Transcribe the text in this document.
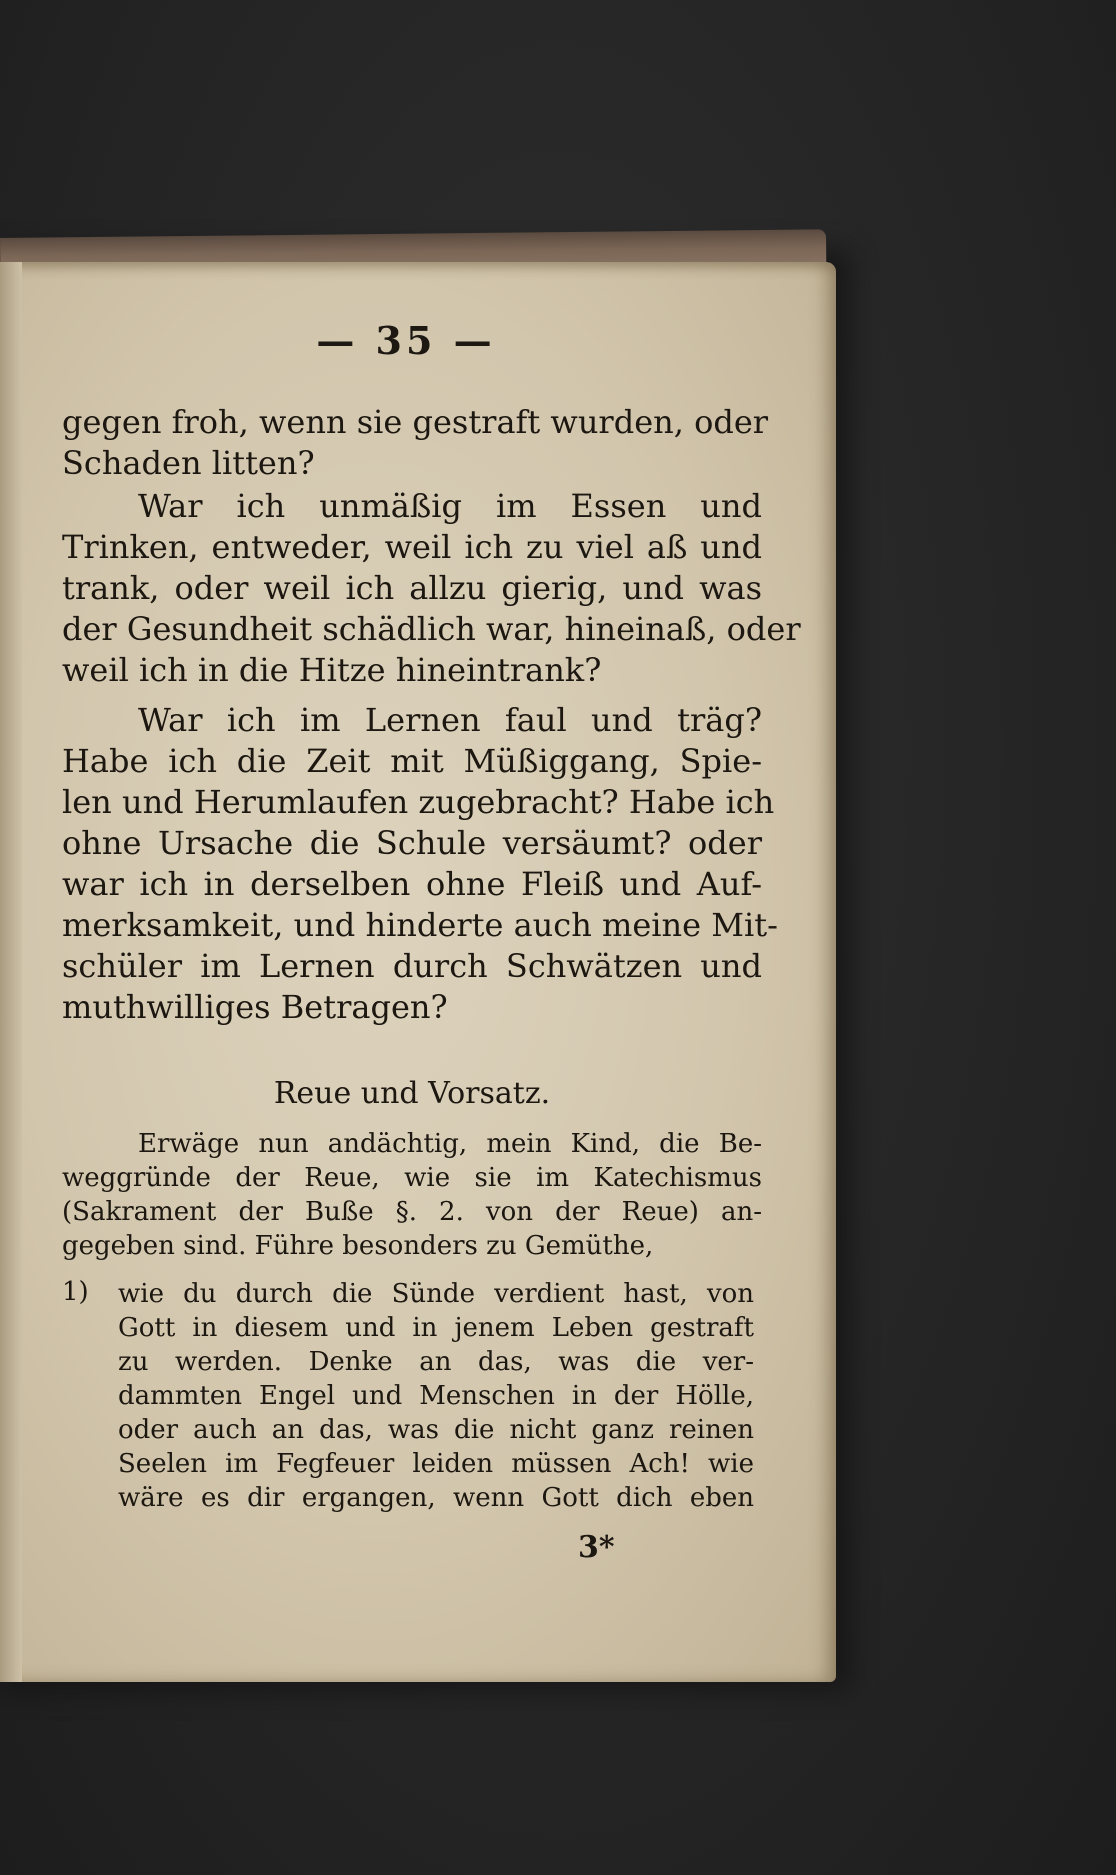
— 35 —
gegen froh, wenn sie gestraft wurden, oder
Schaden litten?
War ich unmäßig im Essen und
Trinken, entweder, weil ich zu viel aß und
trank, oder weil ich allzu gierig, und was
der Gesundheit schädlich war, hineinaß, oder
weil ich in die Hitze hineintrank?
War ich im Lernen faul und träg?
Habe ich die Zeit mit Müßiggang, Spie-
len und Herumlaufen zugebracht? Habe ich
ohne Ursache die Schule versäumt? oder
war ich in derselben ohne Fleiß und Auf-
merksamkeit, und hinderte auch meine Mit-
schüler im Lernen durch Schwätzen und
muthwilliges Betragen?
Reue und Vorsatz.
Erwäge nun andächtig, mein Kind, die Be-
weggründe der Reue, wie sie im Katechismus
(Sakrament der Buße §. 2. von der Reue) an-
gegeben sind. Führe besonders zu Gemüthe,
1) wie du durch die Sünde verdient hast, von
Gott in diesem und in jenem Leben gestraft
zu werden. Denke an das, was die ver-
dammten Engel und Menschen in der Hölle,
oder auch an das, was die nicht ganz reinen
Seelen im Fegfeuer leiden müssen Ach! wie
wäre es dir ergangen, wenn Gott dich eben
3*
